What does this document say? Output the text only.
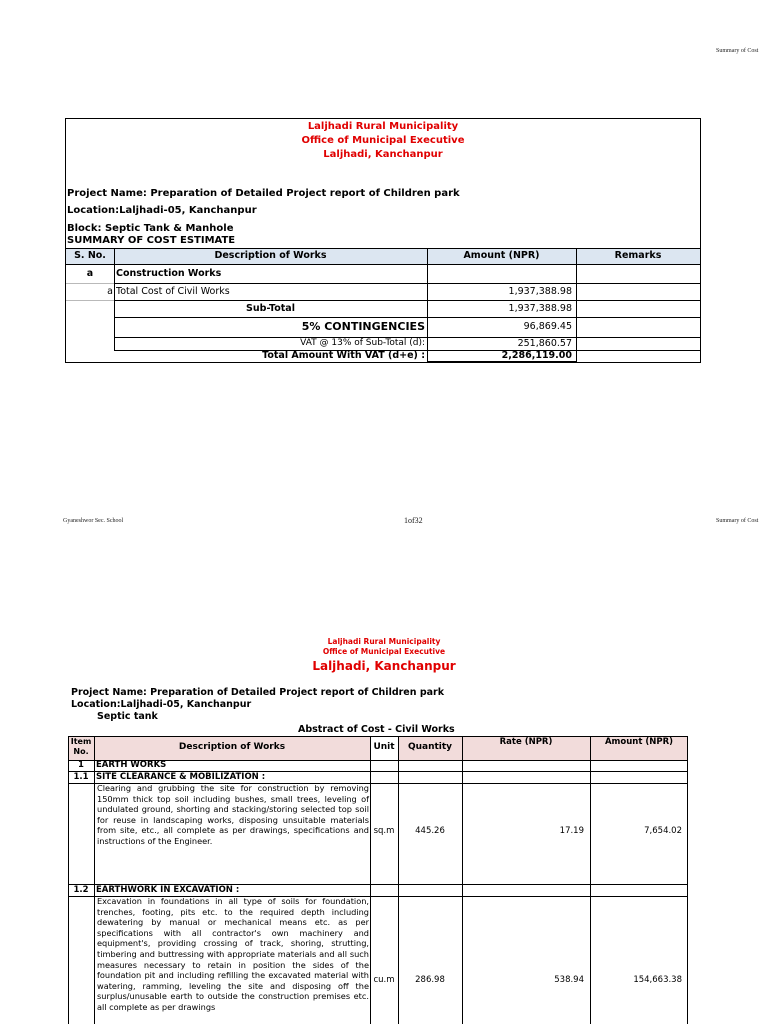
Summary of Cost
Laljhadi Rural Municipality
Office of Municipal Executive
Laljhadi, Kanchanpur
Project Name: Preparation of Detailed Project report of Children park
Location:Laljhadi-05, Kanchanpur
Block: Septic Tank & Manhole
SUMMARY OF COST ESTIMATE
S. No.	Description of Works	Amount (NPR)	Remarks
a	Construction Works
a Total Cost of Civil Works	1,937,388.98
Sub-Total	1,937,388.98
5% CONTINGENCIES	96,869.45
VAT @ 13% of Sub-Total (d):	251,860.57
Total Amount With VAT (d+e) :	2,286,119.00
Gyaneshwor Sec. School	1of32	Summary of Cost
Laljhadi Rural Municipality
Office of Municipal Executive
Laljhadi, Kanchanpur
Project Name: Preparation of Detailed Project report of Children park
Location:Laljhadi-05, Kanchanpur
Septic tank
Abstract of Cost - Civil Works
Item No.	Description of Works	Unit	Quantity	Rate (NPR)	Amount (NPR)
1	EARTH WORKS
1.1 SITE CLEARANCE & MOBILIZATION :
Clearing and grubbing the site for construction by removing 150mm thick top soil including bushes, small trees, leveling of undulated ground, shorting and stacking/storing selected top soil for reuse in landscaping works, disposing unsuitable materials from site, etc., all complete as per drawings, specifications and instructions of the Engineer.
sq.m	445.26	17.19	7,654.02
1.2 EARTHWORK IN EXCAVATION :
Excavation in foundations in all type of soils for foundation, trenches, footing, pits etc. to the required depth including dewatering by manual or mechanical means etc. as per specifications with all contractor's own machinery and equipment's, providing crossing of track, shoring, strutting, timbering and buttressing with appropriate materials and all such measures necessary to retain in position the sides of the foundation pit and including refilling the excavated material with watering, ramming, leveling the site and disposing off the surplus/unusable earth to outside the construction premises etc. all complete as per drawings
cu.m	286.98	538.94	154,663.38
